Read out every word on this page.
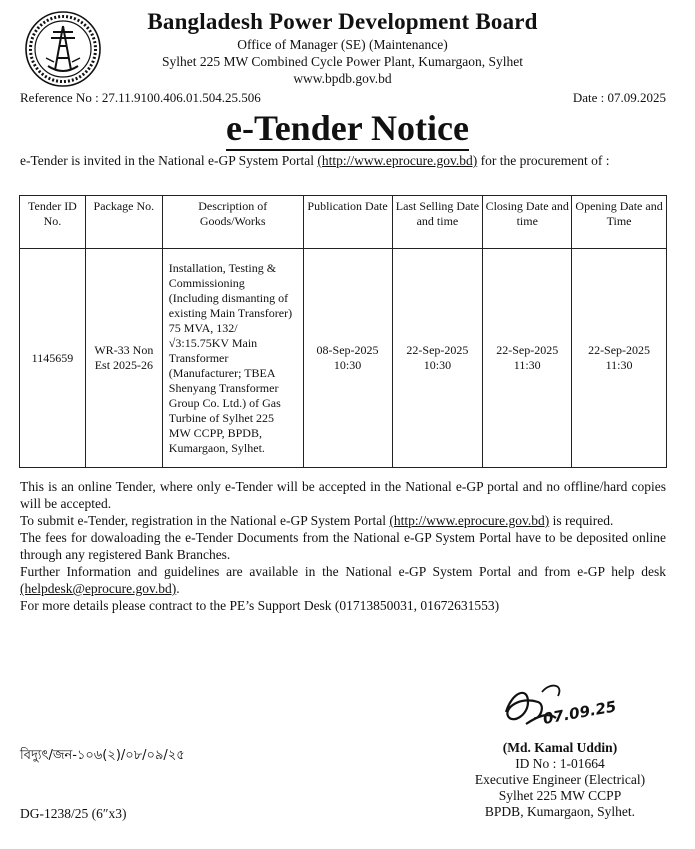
Bangladesh Power Development Board
Office of Manager (SE) (Maintenance)
Sylhet 225 MW Combined Cycle Power Plant, Kumargaon, Sylhet
www.bpdb.gov.bd
Reference No : 27.11.9100.406.01.504.25.506	Date : 07.09.2025
e-Tender Notice
e-Tender is invited in the National e-GP System Portal (http://www.eprocure.gov.bd) for the procurement of :
Tender ID No.	Package No.	Description of Goods/Works	Publication Date	Last Selling Date and time	Closing Date and time	Opening Date and Time
1145659	WR-33 Non Est 2025-26	Installation, Testing & Commissioning (Including dismanting of existing Main Transforer) 75 MVA, 132/√3:15.75KV Main Transformer (Manufacturer; TBEA Shenyang Transformer Group Co. Ltd.) of Gas Turbine of Sylhet 225 MW CCPP, BPDB, Kumargaon, Sylhet.	08-Sep-2025 10:30	22-Sep-2025 10:30	22-Sep-2025 11:30	22-Sep-2025 11:30

This is an online Tender, where only e-Tender will be accepted in the National e-GP portal and no offline/hard copies will be accepted.

To submit e-Tender, registration in the National e-GP System Portal (http://www.eprocure.gov.bd) is required.

The fees for dowaloading the e-Tender Documents from the National e-GP System Portal have to be deposited online through any registered Bank Branches.

Further Information and guidelines are available in the National e-GP System Portal and from e-GP help desk (helpdesk@eprocure.gov.bd).

For more details please contract to the PE’s Support Desk (01713850031, 01672631553)

07.09.25
(Md. Kamal Uddin)
ID No : 1-01664
Executive Engineer (Electrical)
Sylhet 225 MW CCPP
BPDB, Kumargaon, Sylhet.
বিদ্যুৎ/জন-১০৬(২)/০৮/০৯/২৫
DG-1238/25 (6″x3)
